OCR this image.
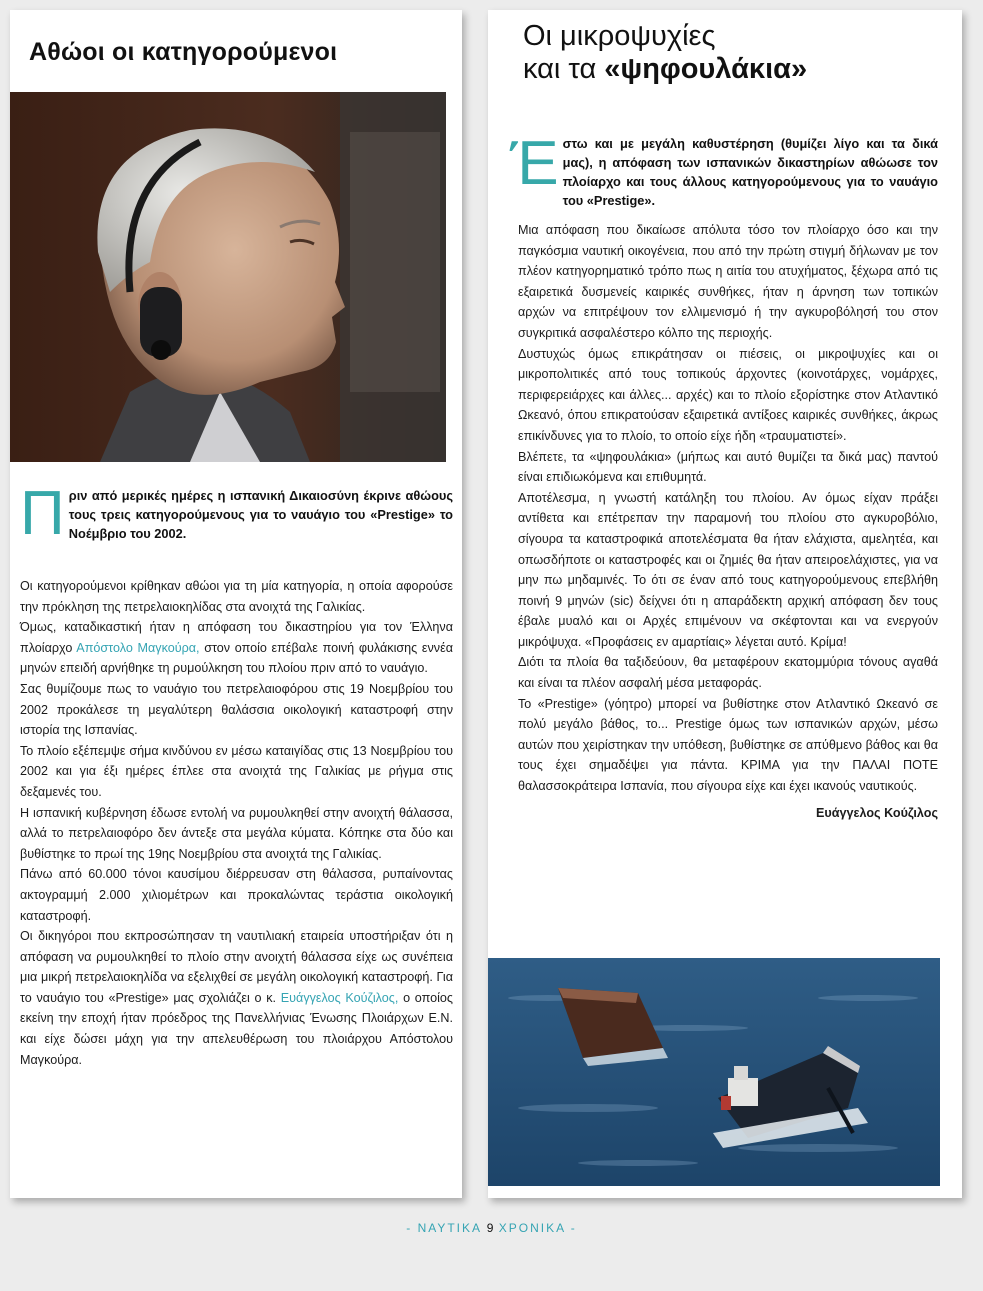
Αθώοι οι κατηγορούμενοι
Πριν από μερικές ημέρες η ισπανική Δικαιοσύνη έκρινε αθώους τους τρεις κατηγορούμενους για το ναυάγιο του «Prestige» το Νοέμβριο του 2002.

Οι κατηγορούμενοι κρίθηκαν αθώοι για τη μία κατηγορία, η οποία αφορούσε την πρόκληση της πετρελαιοκηλίδας στα ανοιχτά της Γαλικίας.

Όμως, καταδικαστική ήταν η απόφαση του δικαστηρίου για τον Έλληνα πλοίαρχο Απόστολο Μαγκούρα, στον οποίο επέβαλε ποινή φυλάκισης εννέα μηνών επειδή αρνήθηκε τη ρυμούλκηση του πλοίου πριν από το ναυάγιο.

Σας θυμίζουμε πως το ναυάγιο του πετρελαιοφόρου στις 19 Νοεμβρίου του 2002 προκάλεσε τη μεγαλύτερη θαλάσσια οικολογική καταστροφή στην ιστορία της Ισπανίας.

Το πλοίο εξέπεμψε σήμα κινδύνου εν μέσω καταιγίδας στις 13 Νοεμβρίου του 2002 και για έξι ημέρες έπλεε στα ανοιχτά της Γαλικίας με ρήγμα στις δεξαμενές του.

Η ισπανική κυβέρνηση έδωσε εντολή να ρυμουλκηθεί στην ανοιχτή θάλασσα, αλλά το πετρελαιοφόρο δεν άντεξε στα μεγάλα κύματα. Κόπηκε στα δύο και βυθίστηκε το πρωί της 19ης Νοεμβρίου στα ανοιχτά της Γαλικίας.

Πάνω από 60.000 τόνοι καυσίμου διέρρευσαν στη θάλασσα, ρυπαίνοντας ακτογραμμή 2.000 χιλιομέτρων και προκαλώντας τεράστια οικολογική καταστροφή.

Οι δικηγόροι που εκπροσώπησαν τη ναυτιλιακή εταιρεία υποστήριξαν ότι η απόφαση να ρυμουλκηθεί το πλοίο στην ανοιχτή θάλασσα είχε ως συνέπεια μια μικρή πετρελαιοκηλίδα να εξελιχθεί σε μεγάλη οικολογική καταστροφή. Για το ναυάγιο του «Prestige» μας σχολιάζει ο κ. Ευάγγελος Κούζιλος, ο οποίος εκείνη την εποχή ήταν πρόεδρος της Πανελλήνιας Ένωσης Πλοιάρχων Ε.Ν. και είχε δώσει μάχη για την απελευθέρωση του πλοιάρχου Απόστολου Μαγκούρα.

Οι μικροψυχίες
και τα «ψηφουλάκια»
Έστω και με μεγάλη καθυστέρηση (θυμίζει λίγο και τα δικά μας), η απόφαση των ισπανικών δικαστηρίων αθώωσε τον πλοίαρχο και τους άλλους κατηγορούμενους για το ναυάγιο του «Prestige».

Μια απόφαση που δικαίωσε απόλυτα τόσο τον πλοίαρχο όσο και την παγκόσμια ναυτική οικογένεια, που από την πρώτη στιγμή δήλωναν με τον πλέον κατηγορηματικό τρόπο πως η αιτία του ατυχήματος, ξέχωρα από τις εξαιρετικά δυσμενείς καιρικές συνθήκες, ήταν η άρνηση των τοπικών αρχών να επιτρέψουν τον ελλιμενισμό ή την αγκυροβόλησή του στον συγκριτικά ασφαλέστερο κόλπο της περιοχής.

Δυστυχώς όμως επικράτησαν οι πιέσεις, οι μικροψυχίες και οι μικροπολιτικές από τους τοπικούς άρχοντες (κοινοτάρχες, νομάρχες, περιφερειάρχες και άλλες... αρχές) και το πλοίο εξορίστηκε στον Ατλαντικό Ωκεανό, όπου επικρατούσαν εξαιρετικά αντίξοες καιρικές συνθήκες, άκρως επικίνδυνες για το πλοίο, το οποίο είχε ήδη «τραυματιστεί».

Βλέπετε, τα «ψηφουλάκια» (μήπως και αυτό θυμίζει τα δικά μας) παντού είναι επιδιωκόμενα και επιθυμητά.

Αποτέλεσμα, η γνωστή κατάληξη του πλοίου. Αν όμως είχαν πράξει αντίθετα και επέτρεπαν την παραμονή του πλοίου στο αγκυροβόλιο, σίγουρα τα καταστροφικά αποτελέσματα θα ήταν ελάχιστα, αμελητέα, και οπωσδήποτε οι καταστροφές και οι ζημιές θα ήταν απειροελάχιστες, για να μην πω μηδαμινές. Το ότι σε έναν από τους κατηγορούμενους επεβλήθη ποινή 9 μηνών (sic) δείχνει ότι η απαράδεκτη αρχική απόφαση δεν τους έβαλε μυαλό και οι Αρχές επιμένουν να σκέφτονται και να ενεργούν μικρόψυχα. «Προφάσεις εν αμαρτίαις» λέγεται αυτό. Κρίμα!

Διότι τα πλοία θα ταξιδεύουν, θα μεταφέρουν εκατομμύρια τόνους αγαθά και είναι τα πλέον ασφαλή μέσα μεταφοράς.

Το «Prestige» (γόητρο) μπορεί να βυθίστηκε στον Ατλαντικό Ωκεανό σε πολύ μεγάλο βάθος, το... Prestige όμως των ισπανικών αρχών, μέσω αυτών που χειρίστηκαν την υπόθεση, βυθίστηκε σε απύθμενο βάθος και θα τους έχει σημαδέψει για πάντα. ΚΡΙΜΑ για την ΠΑΛΑΙ ΠΟΤΕ θαλασσοκράτειρα Ισπανία, που σίγουρα είχε και έχει ικανούς ναυτικούς.

Ευάγγελος Κούζιλος

- ΝΑΥΤΙΚΑ 9 ΧΡΟΝΙΚΑ -
